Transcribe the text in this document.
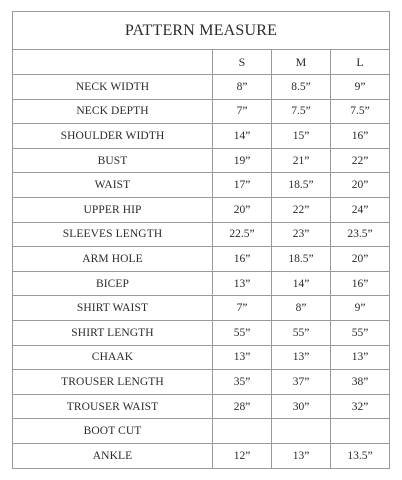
PATTERN MEASURE			
	S	M	L
NECK WIDTH	8”	8.5”	9”
NECK DEPTH	7”	7.5”	7.5”
SHOULDER WIDTH	14”	15”	16”
BUST	19”	21”	22”
WAIST	17”	18.5”	20”
UPPER HIP	20”	22”	24”
SLEEVES LENGTH	22.5”	23”	23.5”
ARM HOLE	16”	18.5”	20”
BICEP	13”	14”	16”
SHIRT WAIST	7”	8”	9”
SHIRT LENGTH	55”	55”	55”
CHAAK	13”	13”	13”
TROUSER LENGTH	35”	37”	38”
TROUSER WAIST	28”	30”	32”
BOOT CUT			
ANKLE	12”	13”	13.5”
